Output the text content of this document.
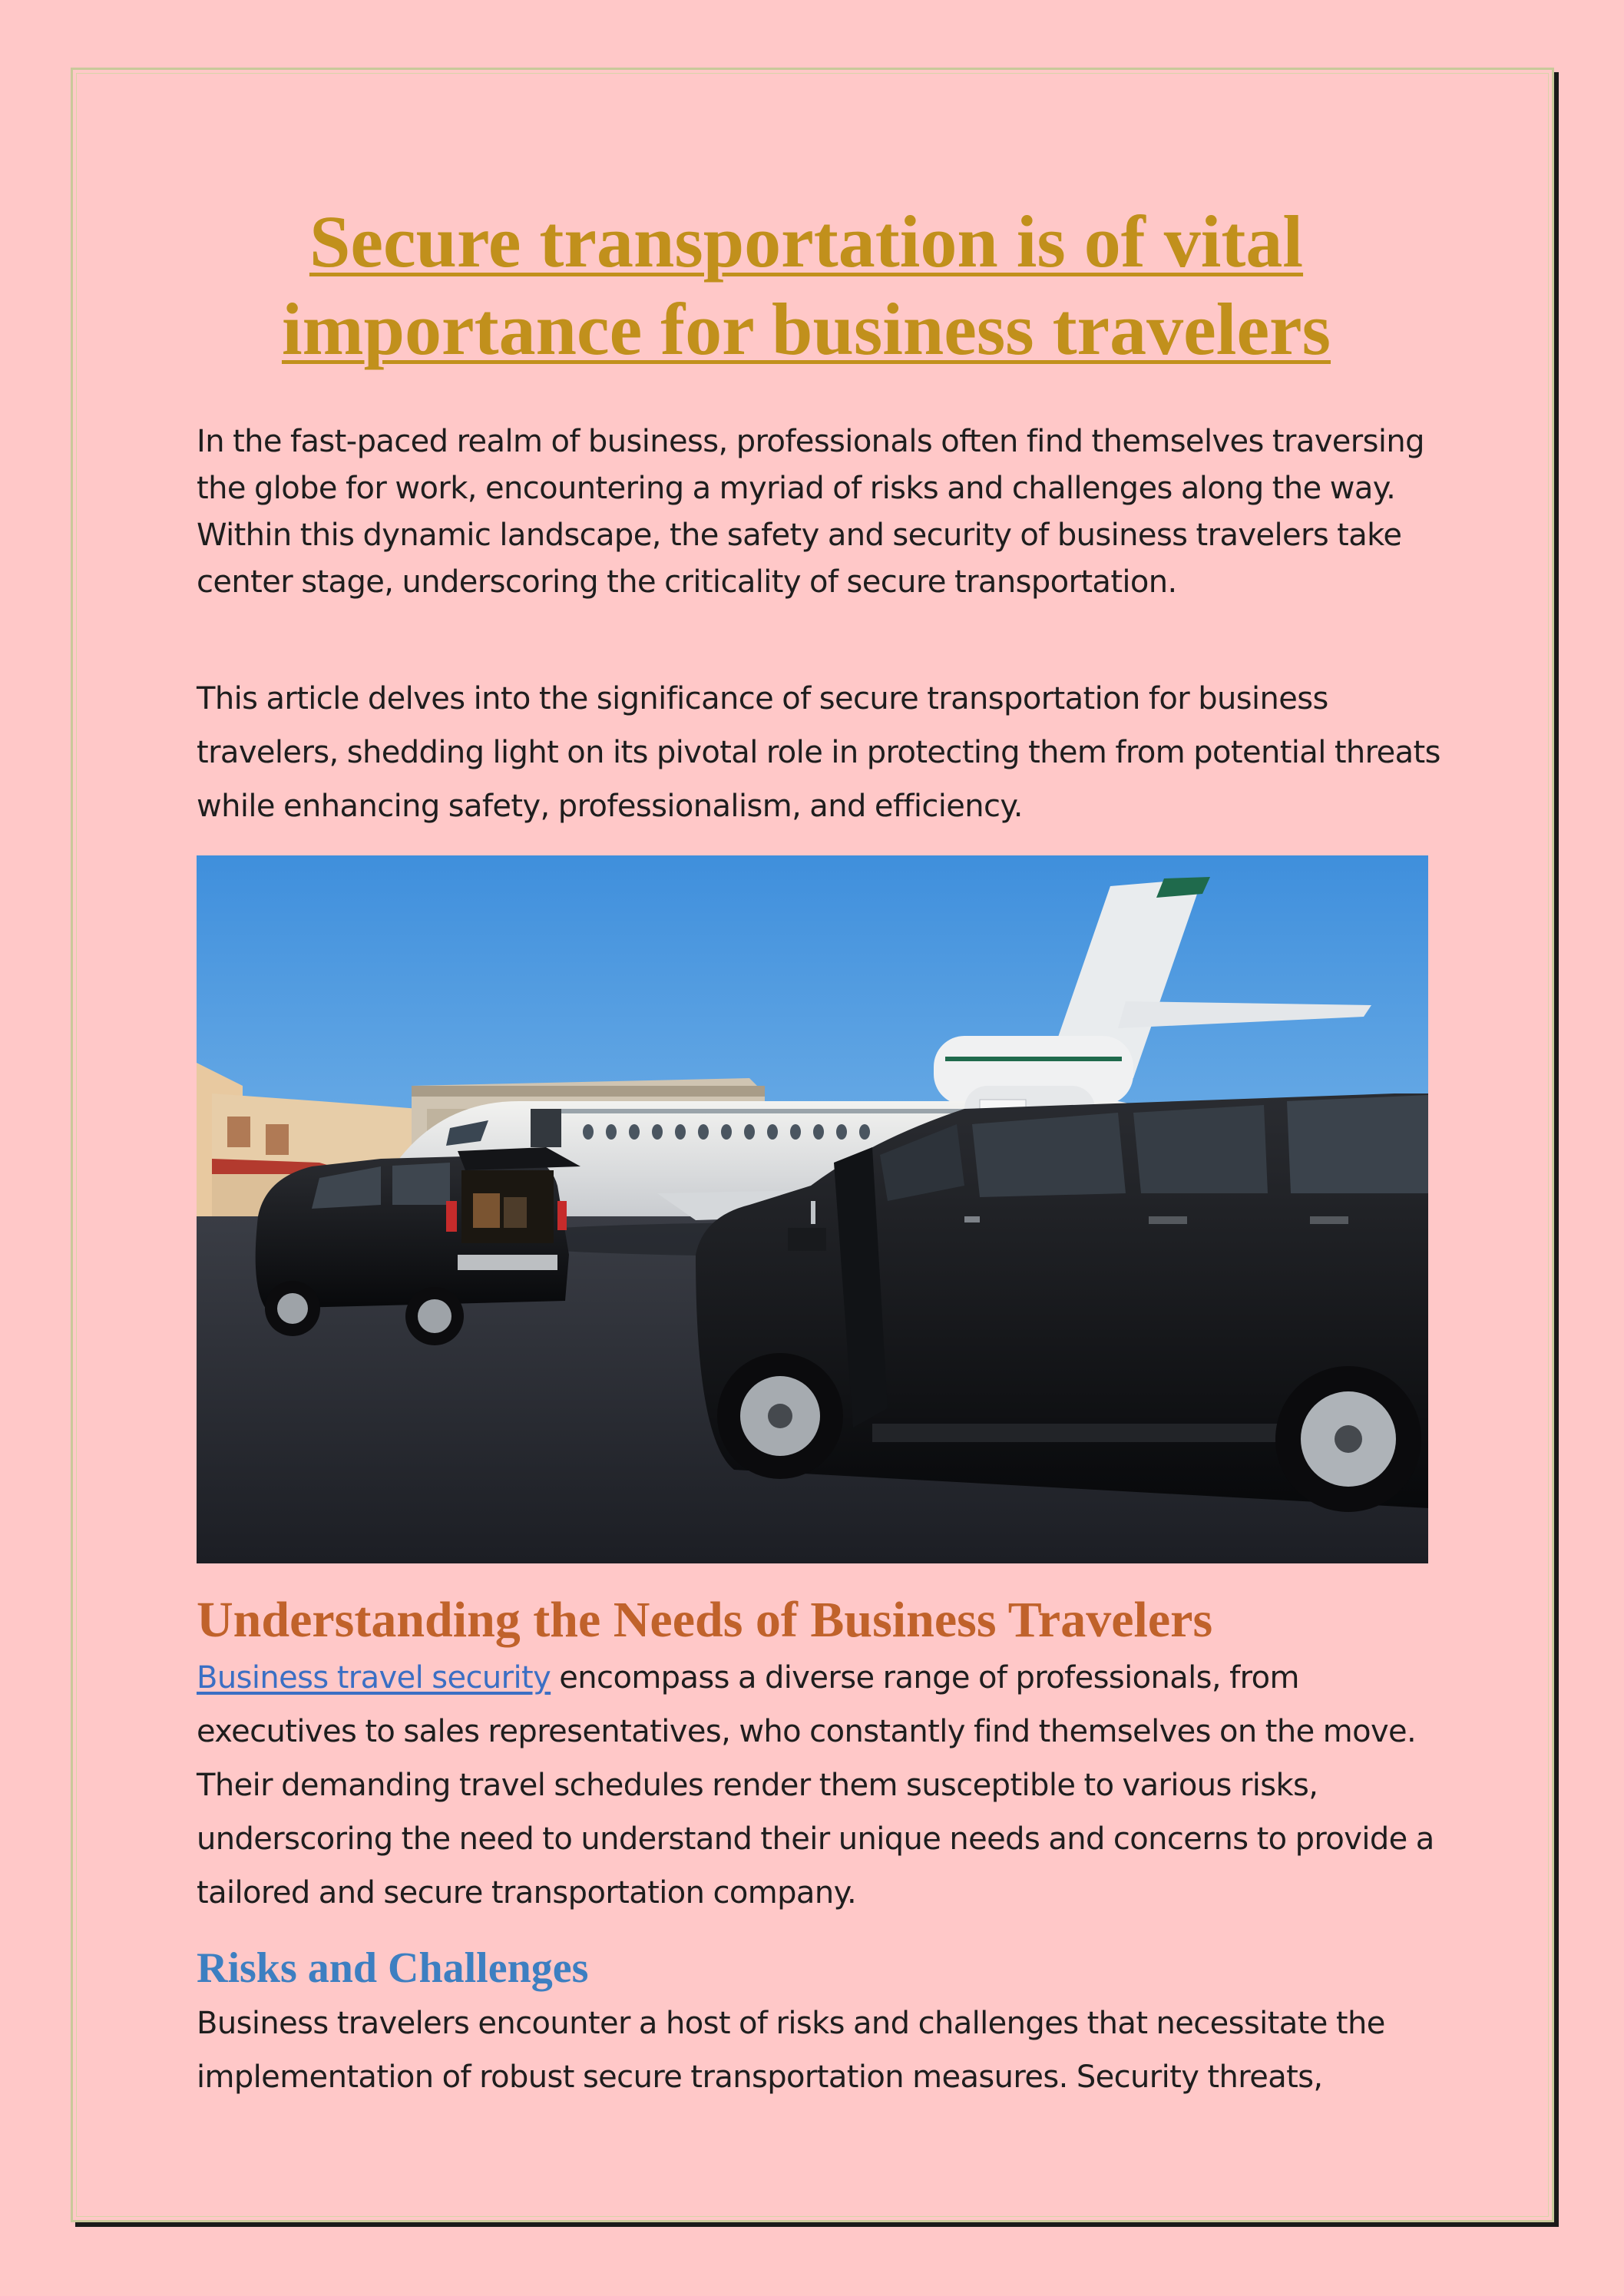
Secure transportation is of vital importance for business travelers

In the fast-paced realm of business, professionals often find themselves traversing the globe for work, encountering a myriad of risks and challenges along the way. Within this dynamic landscape, the safety and security of business travelers take center stage, underscoring the criticality of secure transportation.

This article delves into the significance of secure transportation for business travelers, shedding light on its pivotal role in protecting them from potential threats while enhancing safety, professionalism, and efficiency.

Understanding the Needs of Business Travelers

Business travel security encompass a diverse range of professionals, from executives to sales representatives, who constantly find themselves on the move. Their demanding travel schedules render them susceptible to various risks, underscoring the need to understand their unique needs and concerns to provide a tailored and secure transportation company.

Risks and Challenges

Business travelers encounter a host of risks and challenges that necessitate the implementation of robust secure transportation measures. Security threats,
